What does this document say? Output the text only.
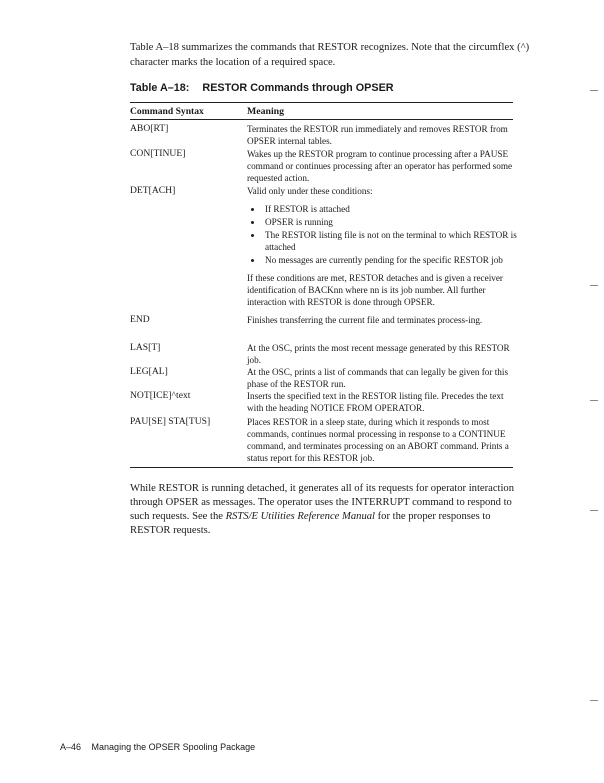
Table A–18 summarizes the commands that RESTOR recognizes. Note that the circumflex (^) character marks the location of a required space.
Table A–18: RESTOR Commands through OPSER
Command Syntax	Meaning
ABO[RT]	Terminates the RESTOR run immediately and removes RESTOR from OPSER internal tables.
CON[TINUE]	Wakes up the RESTOR program to continue processing after a PAUSE command or continues processing after an operator has performed some requested action.
DET[ACH]	Valid only under these conditions:
If RESTOR is attached
OPSER is running
The RESTOR listing file is not on the terminal to which RESTOR is attached
No messages are currently pending for the specific RESTOR job
If these conditions are met, RESTOR detaches and is given a receiver identification of BACKnn where nn is its job number. All further interaction with RESTOR is done through OPSER.
END	Finishes transferring the current file and terminates process-ing.
LAS[T]	At the OSC, prints the most recent message generated by this RESTOR job.
LEG[AL]	At the OSC, prints a list of commands that can legally be given for this phase of the RESTOR run.
NOT[ICE]^text	Inserts the specified text in the RESTOR listing file. Precedes the text with the heading NOTICE FROM OPERATOR.
PAU[SE] STA[TUS]	Places RESTOR in a sleep state, during which it responds to most commands, continues normal processing in response to a CONTINUE command, and terminates processing on an ABORT command. Prints a status report for this RESTOR job.
While RESTOR is running detached, it generates all of its requests for operator interaction through OPSER as messages. The operator uses the INTERRUPT command to respond to such requests. See the RSTS/E Utilities Reference Manual for the proper responses to RESTOR requests.
A–46 Managing the OPSER Spooling Package
